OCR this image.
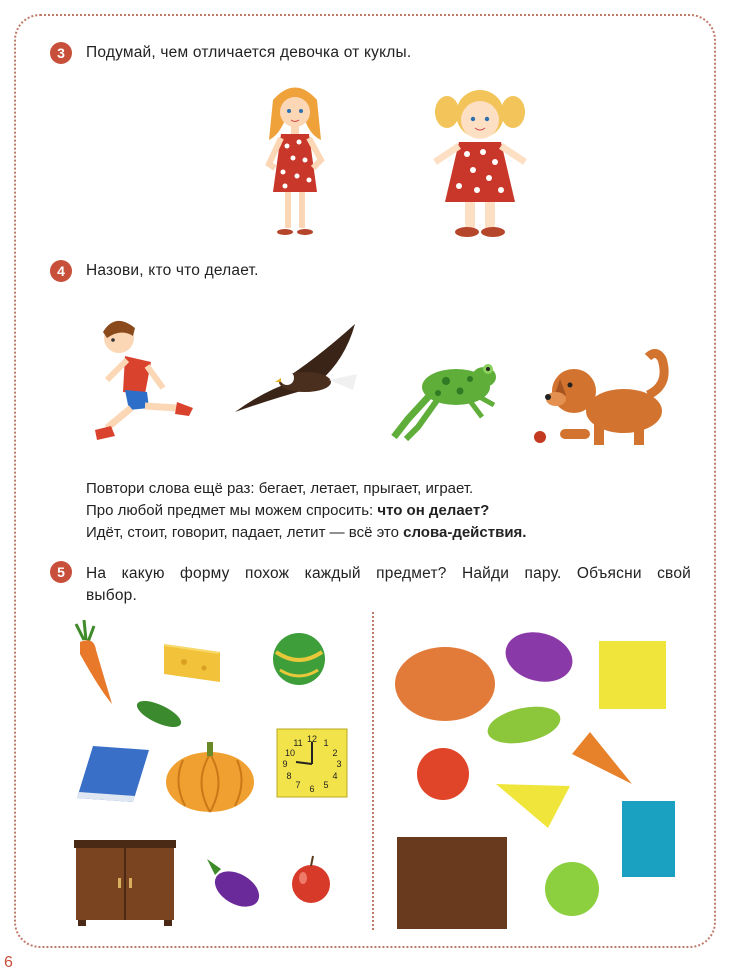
3	Подумай, чем отличается девочка от куклы.
4	Назови, кто что делает.
Повтори слова ещё раз: бегает, летает, прыгает, играет.
Про любой предмет мы можем спросить: что он делает?
Идёт, стоит, говорит, падает, летит — всё это слова-действия.
5	На какую форму похож каждый предмет? Найди пару. Объясни свой
выбор.
12 1
2
3
4
5
6
7
8
9
10
11
6
